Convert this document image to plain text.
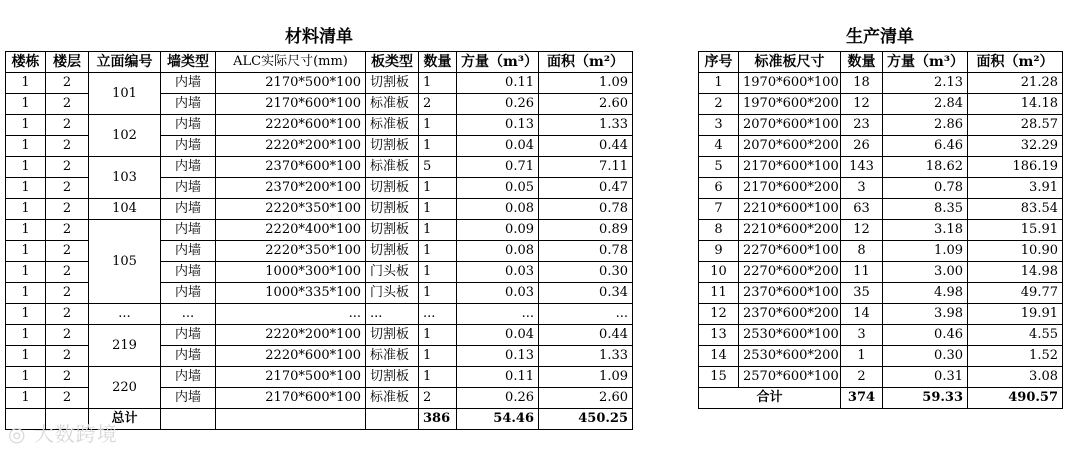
材料清单	生产清单
楼栋	楼层	立面编号	墙类型	ALC实际尺寸(mm)	板类型	数量	方量（m³）	面积（m²）
1	2	101	内墙	2170*500*100	切割板	1	0.11	1.09
1	2		内墙	2170*600*100	标准板	2	0.26	2.60
1	2	102	内墙	2220*600*100	标准板	1	0.13	1.33
1	2		内墙	2220*200*100	切割板	1	0.04	0.44
1	2	103	内墙	2370*600*100	标准板	5	0.71	7.11
1	2		内墙	2370*200*100	切割板	1	0.05	0.47
1	2	104	内墙	2220*350*100	切割板	1	0.08	0.78
1	2	105	内墙	2220*400*100	切割板	1	0.09	0.89
1	2		内墙	2220*350*100	切割板	1	0.08	0.78
1	2		内墙	1000*300*100	门头板	1	0.03	0.30
1	2		内墙	1000*335*100	门头板	1	0.03	0.34
1	2	...	...	...	...	...	...	...
1	2	219	内墙	2220*200*100	切割板	1	0.04	0.44
1	2		内墙	2220*600*100	标准板	1	0.13	1.33
1	2	220	内墙	2170*500*100	切割板	1	0.11	1.09
1	2		内墙	2170*600*100	标准板	2	0.26	2.60
		总计				386	54.46	450.25
序号	标准板尺寸	数量	方量（m³）	面积（m²）
1	1970*600*100	18	2.13	21.28
2	1970*600*200	12	2.84	14.18
3	2070*600*100	23	2.86	28.57
4	2070*600*200	26	6.46	32.29
5	2170*600*100	143	18.62	186.19
6	2170*600*200	3	0.78	3.91
7	2210*600*100	63	8.35	83.54
8	2210*600*200	12	3.18	15.91
9	2270*600*100	8	1.09	10.90
10	2270*600*200	11	3.00	14.98
11	2370*600*100	35	4.98	49.77
12	2370*600*200	14	3.98	19.91
13	2530*600*100	3	0.46	4.55
14	2530*600*200	1	0.30	1.52
15	2570*600*100	2	0.31	3.08
合计		374	59.33	490.57
◎ 大数跨境
